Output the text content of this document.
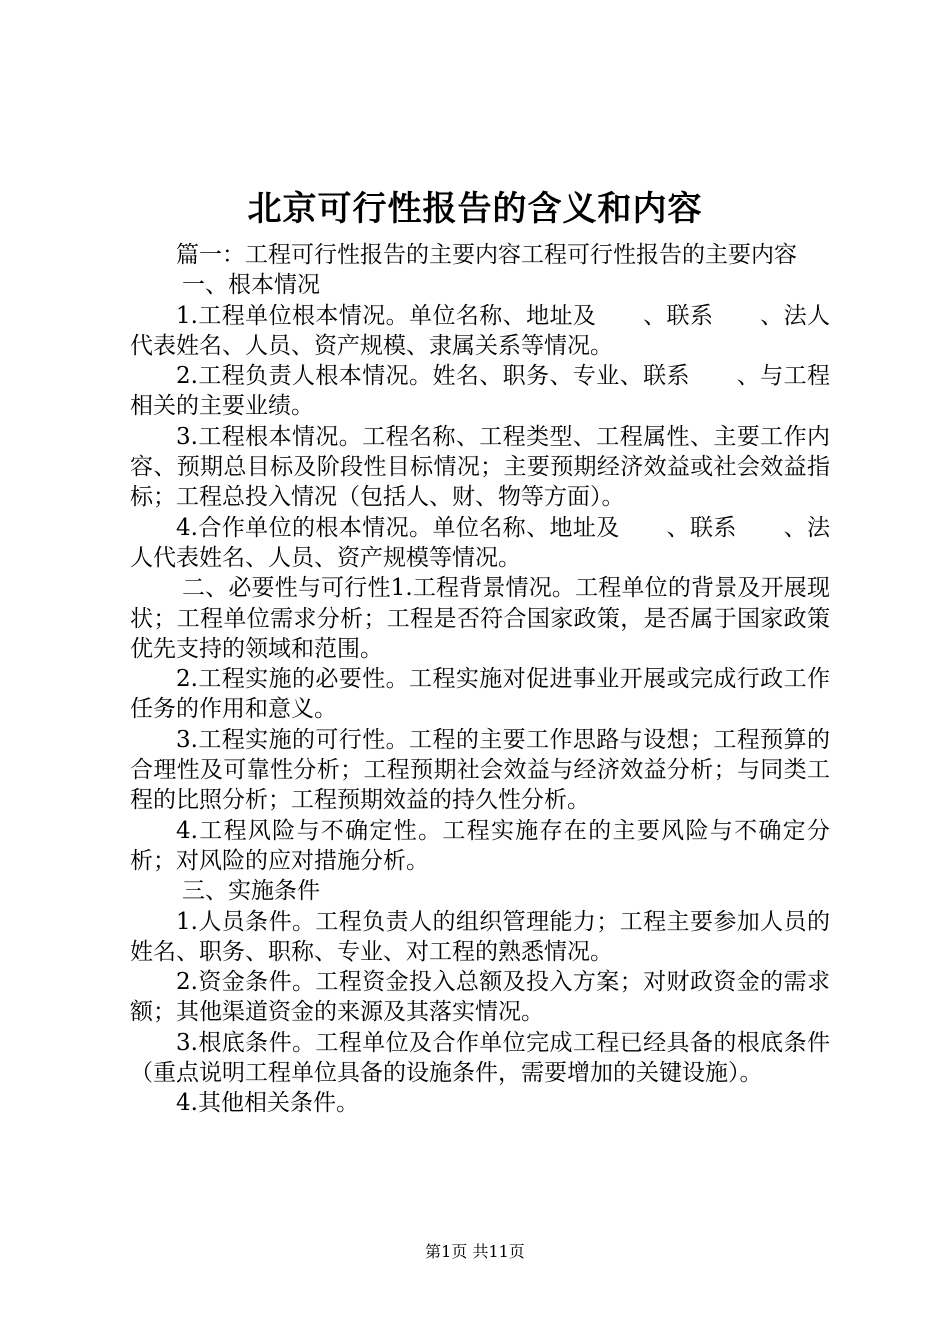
北京可行性报告的含义和内容

篇一：工程可行性报告的主要内容工程可行性报告的主要内容

一、根本情况

1.工程单位根本情况。单位名称、地址及　　、联系　　、法人代表姓名、人员、资产规模、隶属关系等情况。

2.工程负责人根本情况。姓名、职务、专业、联系　　、与工程相关的主要业绩。

3.工程根本情况。工程名称、工程类型、工程属性、主要工作内容、预期总目标及阶段性目标情况；主要预期经济效益或社会效益指标；工程总投入情况（包括人、财、物等方面）。

4.合作单位的根本情况。单位名称、地址及　　、联系　　、法人代表姓名、人员、资产规模等情况。

二、必要性与可行性1.工程背景情况。工程单位的背景及开展现状；工程单位需求分析；工程是否符合国家政策，是否属于国家政策优先支持的领域和范围。

2.工程实施的必要性。工程实施对促进事业开展或完成行政工作任务的作用和意义。

3.工程实施的可行性。工程的主要工作思路与设想；工程预算的合理性及可靠性分析；工程预期社会效益与经济效益分析；与同类工程的比照分析；工程预期效益的持久性分析。

4.工程风险与不确定性。工程实施存在的主要风险与不确定分析；对风险的应对措施分析。

三、实施条件

1.人员条件。工程负责人的组织管理能力；工程主要参加人员的姓名、职务、职称、专业、对工程的熟悉情况。

2.资金条件。工程资金投入总额及投入方案；对财政资金的需求额；其他渠道资金的来源及其落实情况。

3.根底条件。工程单位及合作单位完成工程已经具备的根底条件（重点说明工程单位具备的设施条件，需要增加的关键设施）。

4.其他相关条件。

第1页 共11页
